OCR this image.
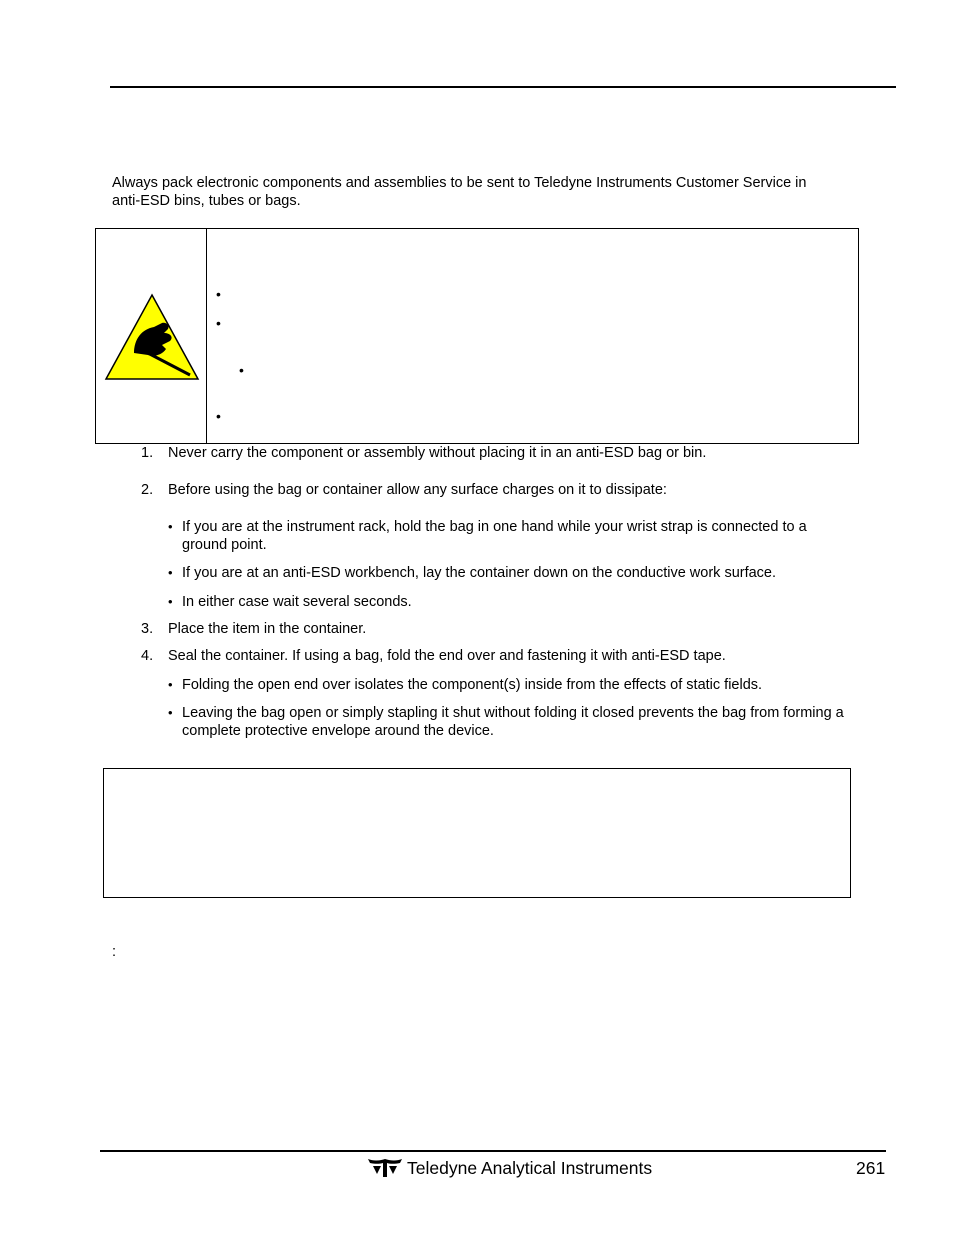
Always pack electronic components and assemblies to be sent to Teledyne Instruments Customer Service in anti-ESD bins, tubes or bags.
•
•
•
•
1.	Never carry the component or assembly without placing it in an anti-ESD bag or bin.
2.	Before using the bag or container allow any surface charges on it to dissipate:
• If you are at the instrument rack, hold the bag in one hand while your wrist strap is connected to a ground point.
• If you are at an anti-ESD workbench, lay the container down on the conductive work surface.
• In either case wait several seconds.
3.	Place the item in the container.
4.	Seal the container. If using a bag, fold the end over and fastening it with anti-ESD tape.
• Folding the open end over isolates the component(s) inside from the effects of static fields.
• Leaving the bag open or simply stapling it shut without folding it closed prevents the bag from forming a complete protective envelope around the device.
:
Teledyne Analytical Instruments	261
